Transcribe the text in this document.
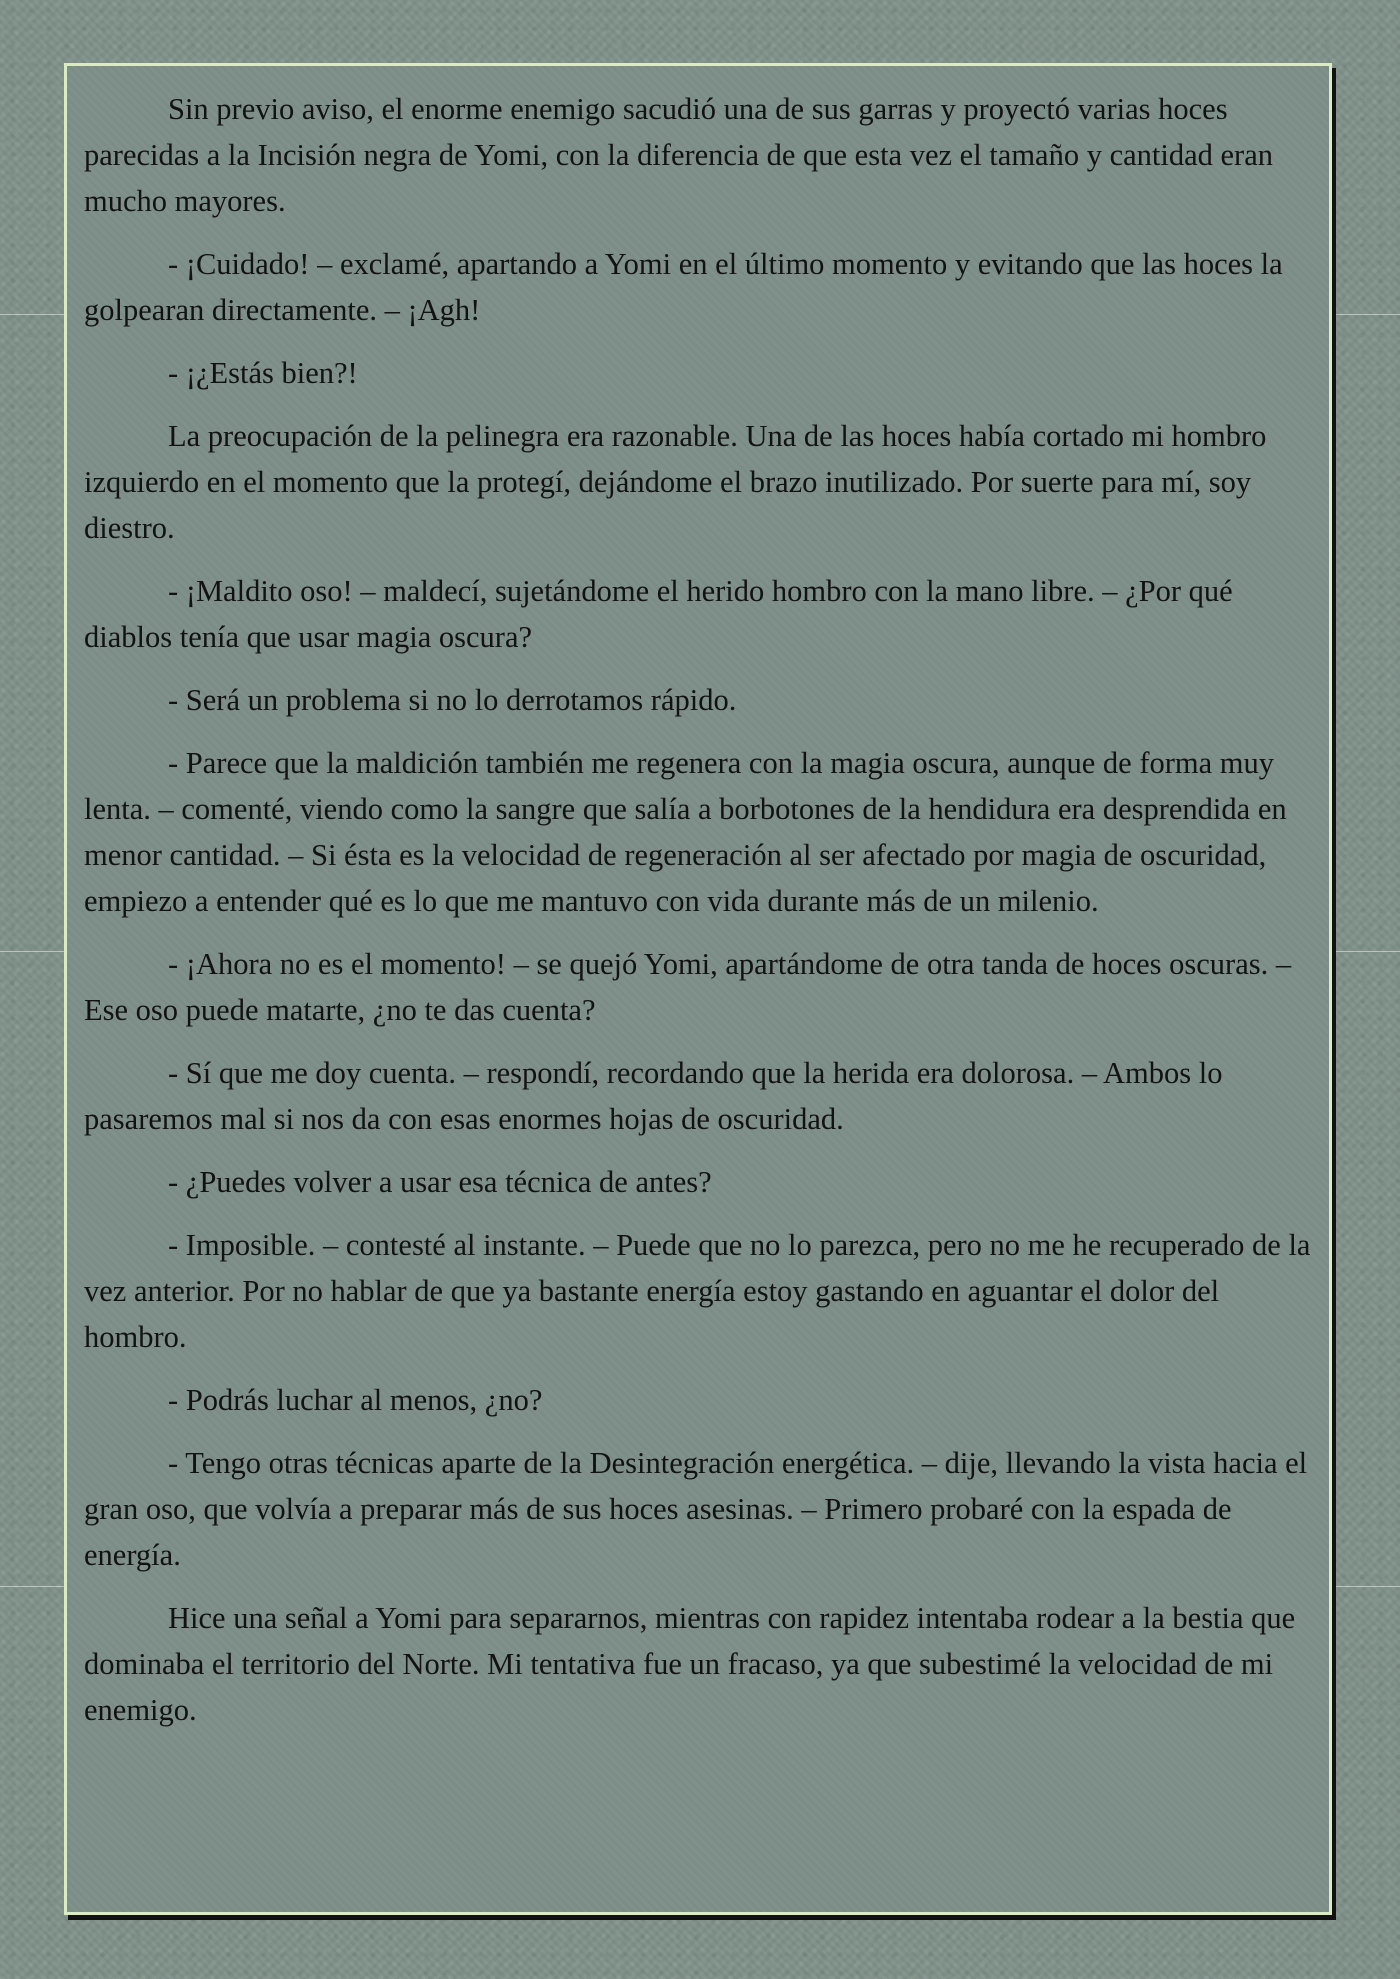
Sin previo aviso, el enorme enemigo sacudió una de sus garras y proyectó varias hoces parecidas a la Incisión negra de Yomi, con la diferencia de que esta vez el tamaño y cantidad eran mucho mayores.

- ¡Cuidado! – exclamé, apartando a Yomi en el último momento y evitando que las hoces la golpearan directamente. – ¡Agh!

- ¡¿Estás bien?!

La preocupación de la pelinegra era razonable. Una de las hoces había cortado mi hombro izquierdo en el momento que la protegí, dejándome el brazo inutilizado. Por suerte para mí, soy diestro.

- ¡Maldito oso! – maldecí, sujetándome el herido hombro con la mano libre. – ¿Por qué diablos tenía que usar magia oscura?

- Será un problema si no lo derrotamos rápido.

- Parece que la maldición también me regenera con la magia oscura, aunque de forma muy lenta. – comenté, viendo como la sangre que salía a borbotones de la hendidura era desprendida en menor cantidad. – Si ésta es la velocidad de regeneración al ser afectado por magia de oscuridad, empiezo a entender qué es lo que me mantuvo con vida durante más de un milenio.

- ¡Ahora no es el momento! – se quejó Yomi, apartándome de otra tanda de hoces oscuras. – Ese oso puede matarte, ¿no te das cuenta?

- Sí que me doy cuenta. – respondí, recordando que la herida era dolorosa. – Ambos lo pasaremos mal si nos da con esas enormes hojas de oscuridad.

- ¿Puedes volver a usar esa técnica de antes?

- Imposible. – contesté al instante. – Puede que no lo parezca, pero no me he recuperado de la vez anterior. Por no hablar de que ya bastante energía estoy gastando en aguantar el dolor del hombro.

- Podrás luchar al menos, ¿no?

- Tengo otras técnicas aparte de la Desintegración energética. – dije, llevando la vista hacia el gran oso, que volvía a preparar más de sus hoces asesinas. – Primero probaré con la espada de energía.

Hice una señal a Yomi para separarnos, mientras con rapidez intentaba rodear a la bestia que dominaba el territorio del Norte. Mi tentativa fue un fracaso, ya que subestimé la velocidad de mi enemigo.
